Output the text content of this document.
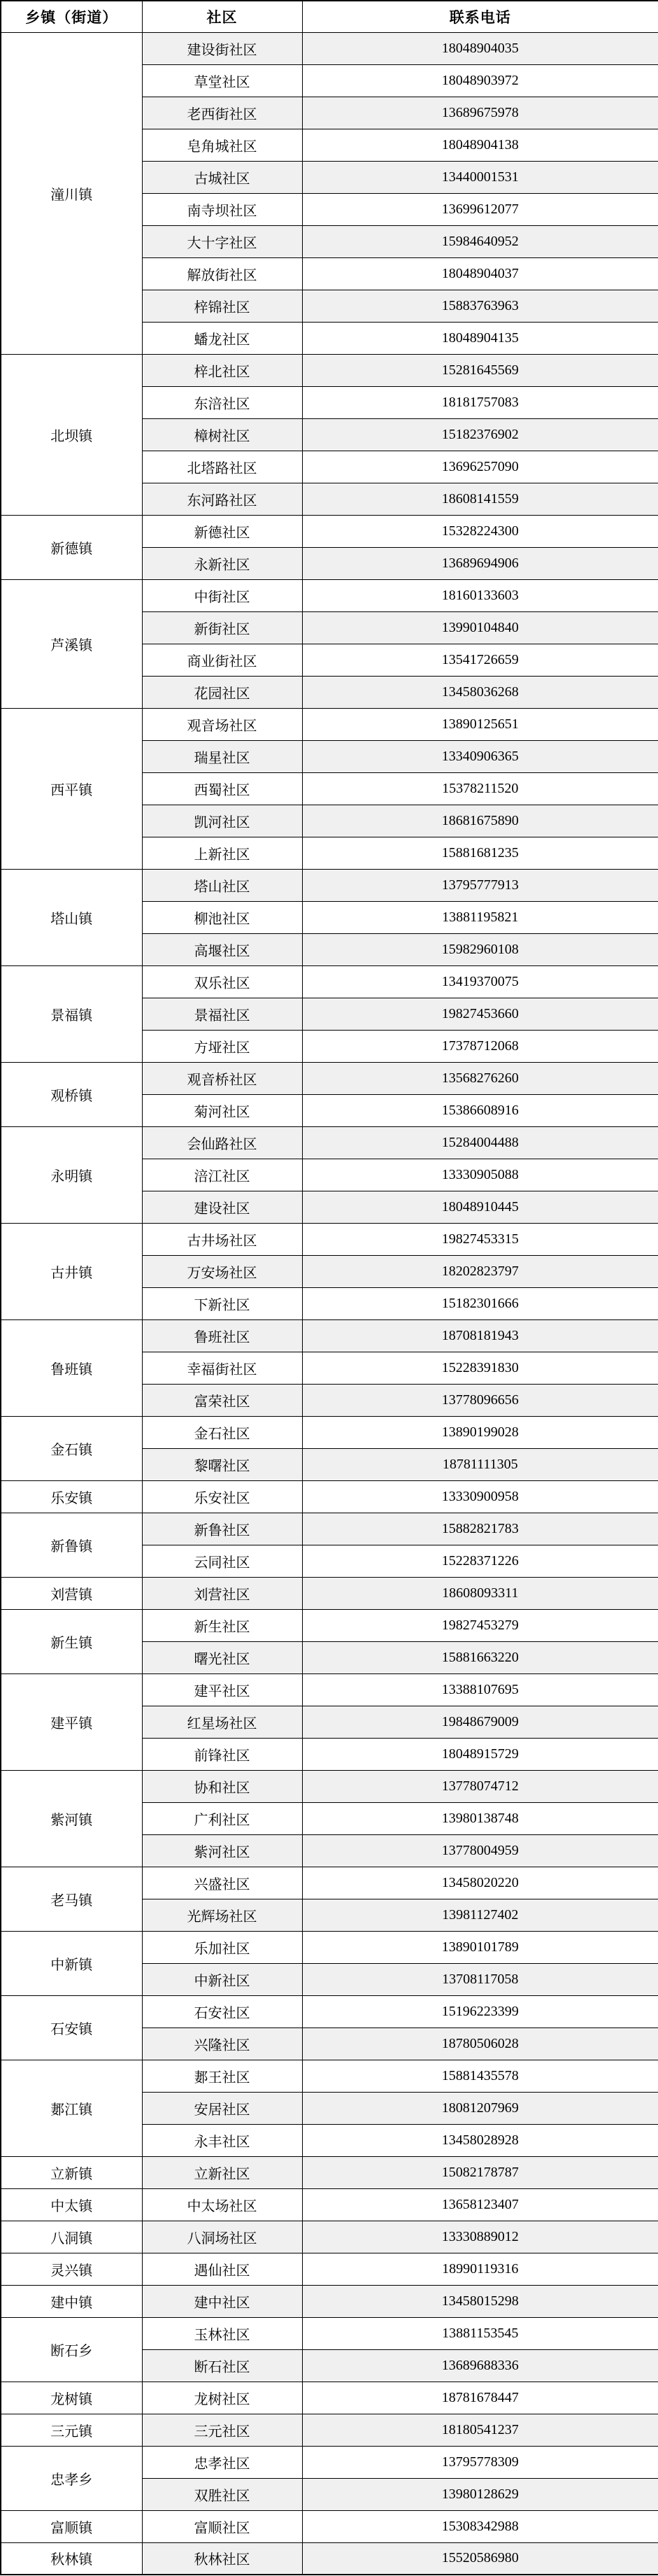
乡镇（街道）	社区	联系电话
潼川镇	建设街社区	18048904035
	草堂社区	18048903972
	老西街社区	13689675978
	皂角城社区	18048904138
	古城社区	13440001531
	南寺坝社区	13699612077
	大十字社区	15984640952
	解放街社区	18048904037
	梓锦社区	15883763963
	蟠龙社区	18048904135
北坝镇	梓北社区	15281645569
	东涪社区	18181757083
	樟树社区	15182376902
	北塔路社区	13696257090
	东河路社区	18608141559
新德镇	新德社区	15328224300
	永新社区	13689694906
芦溪镇	中街社区	18160133603
	新街社区	13990104840
	商业街社区	13541726659
	花园社区	13458036268
西平镇	观音场社区	13890125651
	瑞星社区	13340906365
	西蜀社区	15378211520
	凯河社区	18681675890
	上新社区	15881681235
塔山镇	塔山社区	13795777913
	柳池社区	13881195821
	高堰社区	15982960108
景福镇	双乐社区	13419370075
	景福社区	19827453660
	方垭社区	17378712068
观桥镇	观音桥社区	13568276260
	菊河社区	15386608916
永明镇	会仙路社区	15284004488
	涪江社区	13330905088
	建设社区	18048910445
古井镇	古井场社区	19827453315
	万安场社区	18202823797
	下新社区	15182301666
鲁班镇	鲁班社区	18708181943
	幸福街社区	15228391830
	富荣社区	13778096656
金石镇	金石社区	13890199028
	黎曙社区	18781111305
乐安镇	乐安社区	13330900958
新鲁镇	新鲁社区	15882821783
	云同社区	15228371226
刘营镇	刘营社区	18608093311
新生镇	新生社区	19827453279
	曙光社区	15881663220
建平镇	建平社区	13388107695
	红星场社区	19848679009
	前锋社区	18048915729
紫河镇	协和社区	13778074712
	广利社区	13980138748
	紫河社区	13778004959
老马镇	兴盛社区	13458020220
	光辉场社区	13981127402
中新镇	乐加社区	13890101789
	中新社区	13708117058
石安镇	石安社区	15196223399
	兴隆社区	18780506028
郪江镇	郪王社区	15881435578
	安居社区	18081207969
	永丰社区	13458028928
立新镇	立新社区	15082178787
中太镇	中太场社区	13658123407
八洞镇	八洞场社区	13330889012
灵兴镇	遇仙社区	18990119316
建中镇	建中社区	13458015298
断石乡	玉林社区	13881153545
	断石社区	13689688336
龙树镇	龙树社区	18781678447
三元镇	三元社区	18180541237
忠孝乡	忠孝社区	13795778309
	双胜社区	13980128629
富顺镇	富顺社区	15308342988
秋林镇	秋林社区	15520586980
